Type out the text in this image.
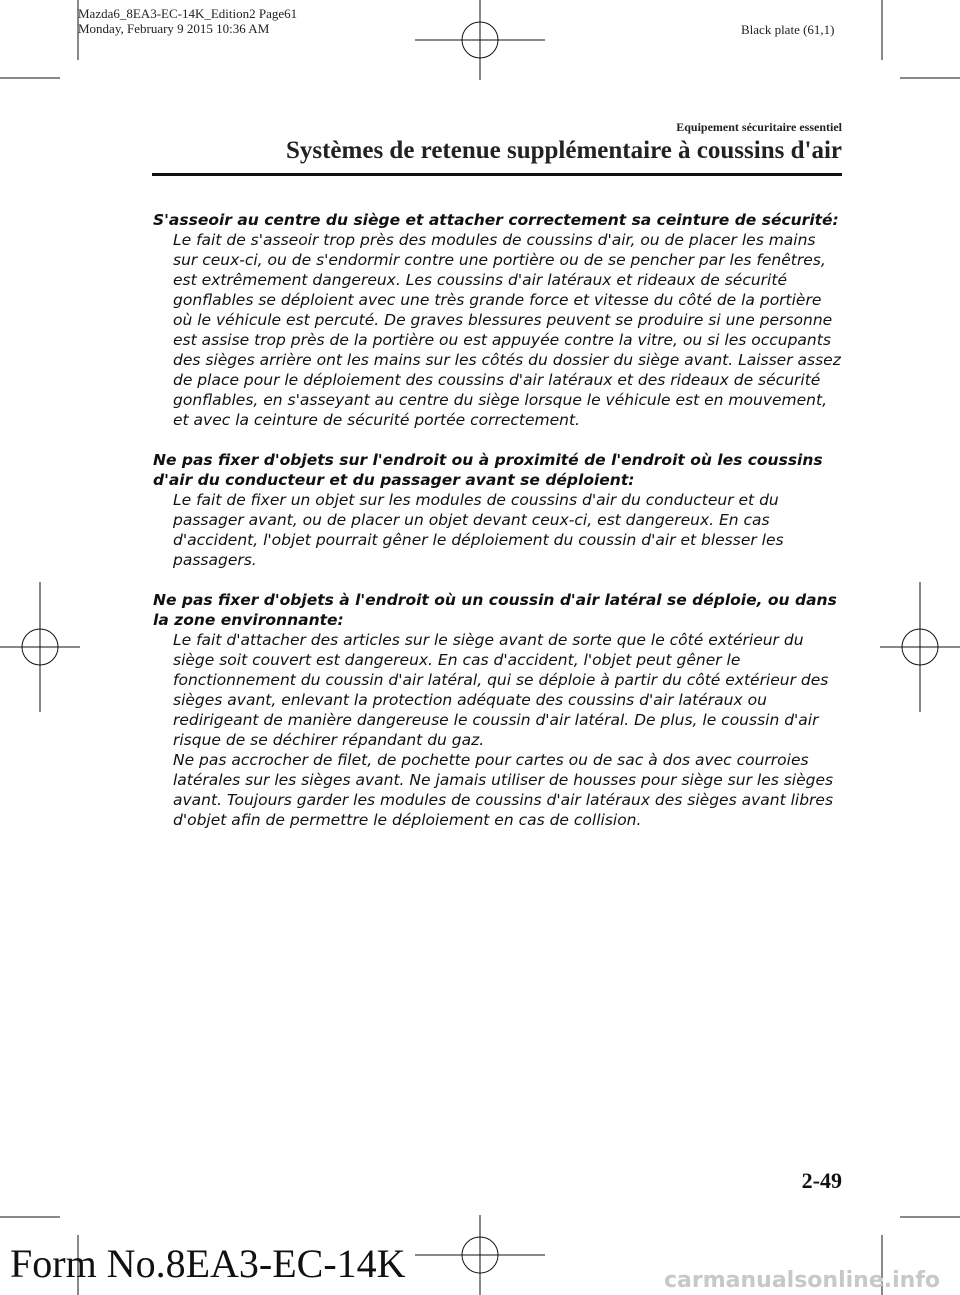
Mazda6_8EA3-EC-14K_Edition2 Page61
Monday, February 9 2015 10:36 AM	Black plate (61,1)
Equipement sécuritaire essentiel
Systèmes de retenue supplémentaire à coussins d'air
S'asseoir au centre du siège et attacher correctement sa ceinture de sécurité:
Le fait de s'asseoir trop près des modules de coussins d'air, ou de placer les mains sur ceux-ci, ou de s'endormir contre une portière ou de se pencher par les fenêtres, est extrêmement dangereux. Les coussins d'air latéraux et rideaux de sécurité gonflables se déploient avec une très grande force et vitesse du côté de la portière où le véhicule est percuté. De graves blessures peuvent se produire si une personne est assise trop près de la portière ou est appuyée contre la vitre, ou si les occupants des sièges arrière ont les mains sur les côtés du dossier du siège avant. Laisser assez de place pour le déploiement des coussins d'air latéraux et des rideaux de sécurité gonflables, en s'asseyant au centre du siège lorsque le véhicule est en mouvement, et avec la ceinture de sécurité portée correctement.
Ne pas fixer d'objets sur l'endroit ou à proximité de l'endroit où les coussins d'air du conducteur et du passager avant se déploient:
Le fait de fixer un objet sur les modules de coussins d'air du conducteur et du passager avant, ou de placer un objet devant ceux-ci, est dangereux. En cas d'accident, l'objet pourrait gêner le déploiement du coussin d'air et blesser les passagers.
Ne pas fixer d'objets à l'endroit où un coussin d'air latéral se déploie, ou dans la zone environnante:
Le fait d'attacher des articles sur le siège avant de sorte que le côté extérieur du siège soit couvert est dangereux. En cas d'accident, l'objet peut gêner le fonctionnement du coussin d'air latéral, qui se déploie à partir du côté extérieur des sièges avant, enlevant la protection adéquate des coussins d'air latéraux ou redirigeant de manière dangereuse le coussin d'air latéral. De plus, le coussin d'air risque de se déchirer répandant du gaz.
Ne pas accrocher de filet, de pochette pour cartes ou de sac à dos avec courroies latérales sur les sièges avant. Ne jamais utiliser de housses pour siège sur les sièges avant. Toujours garder les modules de coussins d'air latéraux des sièges avant libres d'objet afin de permettre le déploiement en cas de collision.
2-49
Form No.8EA3-EC-14K	carmanualsonline.info
